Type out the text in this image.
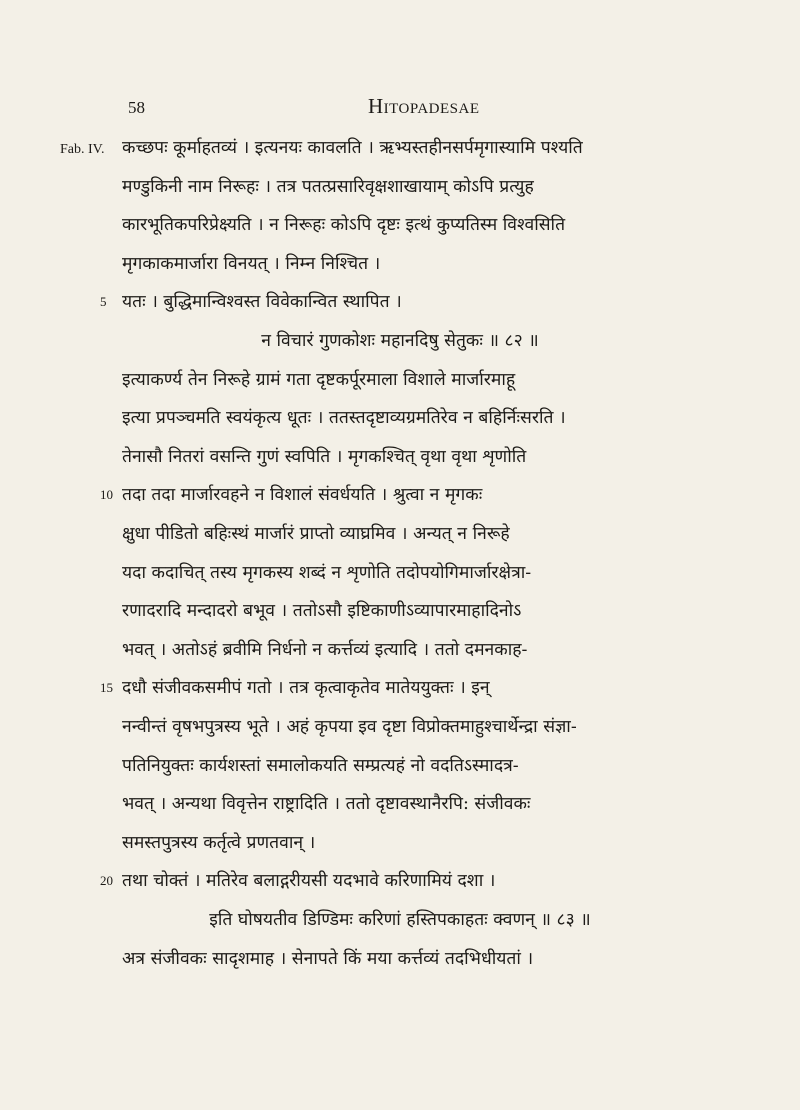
58	Hitopadesae
Fab. IV. कच्छपः कूर्माहतव्यं । इत्यनयः कावलति । ऋभ्यस्तहीनसर्पमृगास्यामि पश्यति
मण्डुकिनी नाम निरूहः । तत्र पतत्प्रसारिवृक्षशाखायाम् कोऽपि प्रत्युह
कारभूतिकपरिप्रेक्ष्यति । न निरूहः कोऽपि दृष्टः इत्थं कुप्यतिस्म विश्वसिति
मृगकाकमार्जारा विनयत् । निम्न निश्चित ।
5 यतः । बुद्धिमान्विश्वस्त विवेकान्वित स्थापित ।
न विचारं गुणकोशः महानदिषु सेतुकः ॥ ८२ ॥
इत्याकर्ण्य तेन निरूहे ग्रामं गता दृष्टकर्पूरमाला विशाले मार्जारमाहू
इत्या प्रपञ्चमति स्वयंकृत्य धूतः । ततस्तदृष्टाव्यग्रमतिरेव न बहिर्निःसरति ।
तेनासौ नितरां वसन्ति गुणं स्वपिति । मृगकश्चित् वृथा वृथा शृणोति
10 तदा तदा मार्जारवहने न विशालं संवर्धयति । श्रुत्वा न मृगकः
क्षुधा पीडितो बहिःस्थं मार्जारं प्राप्तो व्याघ्रमिव । अन्यत् न निरूहे
यदा कदाचित् तस्य मृगकस्य शब्दं न शृणोति तदोपयोगिमार्जारक्षेत्रा-
रणादरादि मन्दादरो बभूव । ततोऽसौ इष्टिकाणीऽव्यापारमाहादिनोऽ
भवत् । अतोऽहं ब्रवीमि निर्धनो न कर्त्तव्यं इत्यादि । ततो दमनकाह-
15 दधौ संजीवकसमीपं गतो । तत्र कृत्वाकृतेव मातेययुक्तः । इन्
नन्वीन्तं वृषभपुत्रस्य भूते । अहं कृपया इव दृष्टा विप्रोक्तमाहुश्चार्थेन्द्रा संज्ञा-
पतिनियुक्तः कार्यशस्तां समालोकयति सम्प्रत्यहं नो वदतिऽस्मादत्र-
भवत् । अन्यथा विवृत्तेन राष्ट्रादिति । ततो दृष्टावस्थानैरपि: संजीवकः
समस्तपुत्रस्य कर्तृत्वे प्रणतवान् ।
20 तथा चोक्तं । मतिरेव बलाद्गरीयसी यदभावे करिणामियं दशा ।
इति घोषयतीव डिण्डिमः करिणां हस्तिपकाहतः क्वणन् ॥ ८३ ॥
अत्र संजीवकः सादृशमाह । सेनापते किं मया कर्त्तव्यं तदभिधीयतां ।
